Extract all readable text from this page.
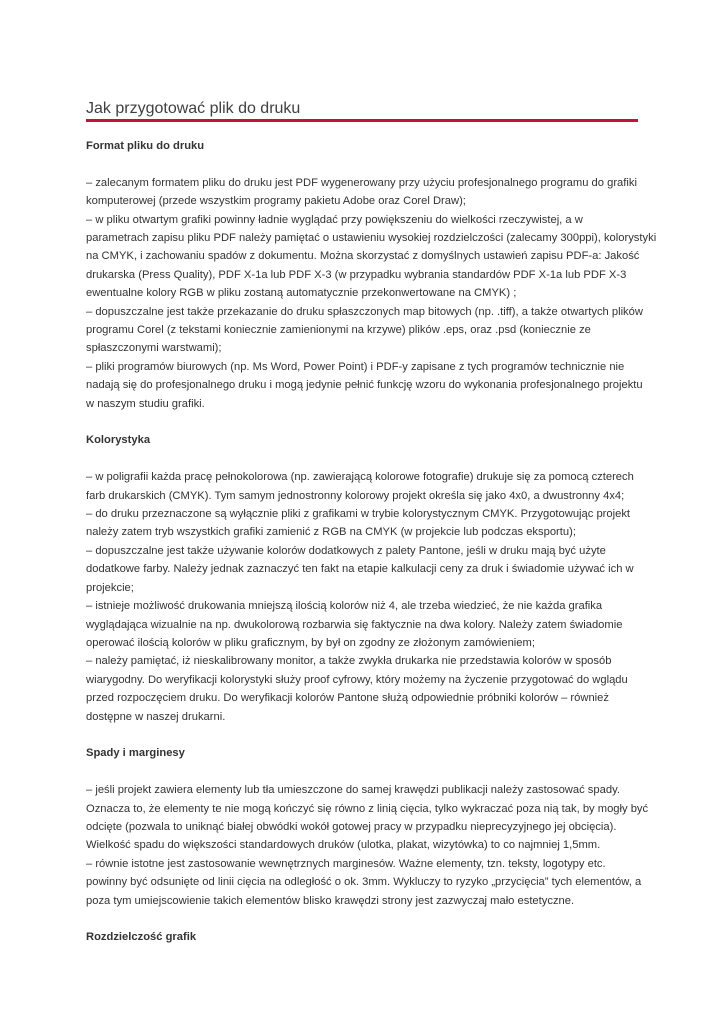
Jak przygotować plik do druku
Format pliku do druku
– zalecanym formatem pliku do druku jest PDF wygenerowany przy użyciu profesjonalnego programu do grafiki
komputerowej (przede wszystkim programy pakietu Adobe oraz Corel Draw);
– w pliku otwartym grafiki powinny ładnie wyglądać przy powiększeniu do wielkości rzeczywistej, a w
parametrach zapisu pliku PDF należy pamiętać o ustawieniu wysokiej rozdzielczości (zalecamy 300ppi), kolorystyki
na CMYK, i zachowaniu spadów z dokumentu. Można skorzystać z domyślnych ustawień zapisu PDF-a: Jakość
drukarska (Press Quality), PDF X-1a lub PDF X-3 (w przypadku wybrania standardów PDF X-1a lub PDF X-3
ewentualne kolory RGB w pliku zostaną automatycznie przekonwertowane na CMYK) ;
– dopuszczalne jest także przekazanie do druku spłaszczonych map bitowych (np. .tiff), a także otwartych plików
programu Corel (z tekstami koniecznie zamienionymi na krzywe) plików .eps, oraz .psd (koniecznie ze
spłaszczonymi warstwami);
– pliki programów biurowych (np. Ms Word, Power Point) i PDF-y zapisane z tych programów technicznie nie
nadają się do profesjonalnego druku i mogą jedynie pełnić funkcję wzoru do wykonania profesjonalnego projektu
w naszym studiu grafiki.
Kolorystyka
– w poligrafii każda pracę pełnokolorowa (np. zawierającą kolorowe fotografie) drukuje się za pomocą czterech
farb drukarskich (CMYK). Tym samym jednostronny kolorowy projekt określa się jako 4x0, a dwustronny 4x4;
– do druku przeznaczone są wyłącznie pliki z grafikami w trybie kolorystycznym CMYK. Przygotowując projekt
należy zatem tryb wszystkich grafiki zamienić z RGB na CMYK (w projekcie lub podczas eksportu);
– dopuszczalne jest także używanie kolorów dodatkowych z palety Pantone, jeśli w druku mają być użyte
dodatkowe farby. Należy jednak zaznaczyć ten fakt na etapie kalkulacji ceny za druk i świadomie używać ich w
projekcie;
– istnieje możliwość drukowania mniejszą ilością kolorów niż 4, ale trzeba wiedzieć, że nie każda grafika
wyglądająca wizualnie na np. dwukolorową rozbarwia się faktycznie na dwa kolory. Należy zatem świadomie
operować ilością kolorów w pliku graficznym, by był on zgodny ze złożonym zamówieniem;
– należy pamiętać, iż nieskalibrowany monitor, a także zwykła drukarka nie przedstawia kolorów w sposób
wiarygodny. Do weryfikacji kolorystyki służy proof cyfrowy, który możemy na życzenie przygotować do wglądu
przed rozpoczęciem druku. Do weryfikacji kolorów Pantone służą odpowiednie próbniki kolorów – również
dostępne w naszej drukarni.
Spady i marginesy
– jeśli projekt zawiera elementy lub tła umieszczone do samej krawędzi publikacji należy zastosować spady.
Oznacza to, że elementy te nie mogą kończyć się równo z linią cięcia, tylko wykraczać poza nią tak, by mogły być
odcięte (pozwala to uniknąć białej obwódki wokół gotowej pracy w przypadku nieprecyzyjnego jej obcięcia).
Wielkość spadu do większości standardowych druków (ulotka, plakat, wizytówka) to co najmniej 1,5mm.
– równie istotne jest zastosowanie wewnętrznych marginesów. Ważne elementy, tzn. teksty, logotypy etc.
powinny być odsunięte od linii cięcia na odległość o ok. 3mm. Wykluczy to ryzyko „przycięcia” tych elementów, a
poza tym umiejscowienie takich elementów blisko krawędzi strony jest zazwyczaj mało estetyczne.
Rozdzielczość grafik
